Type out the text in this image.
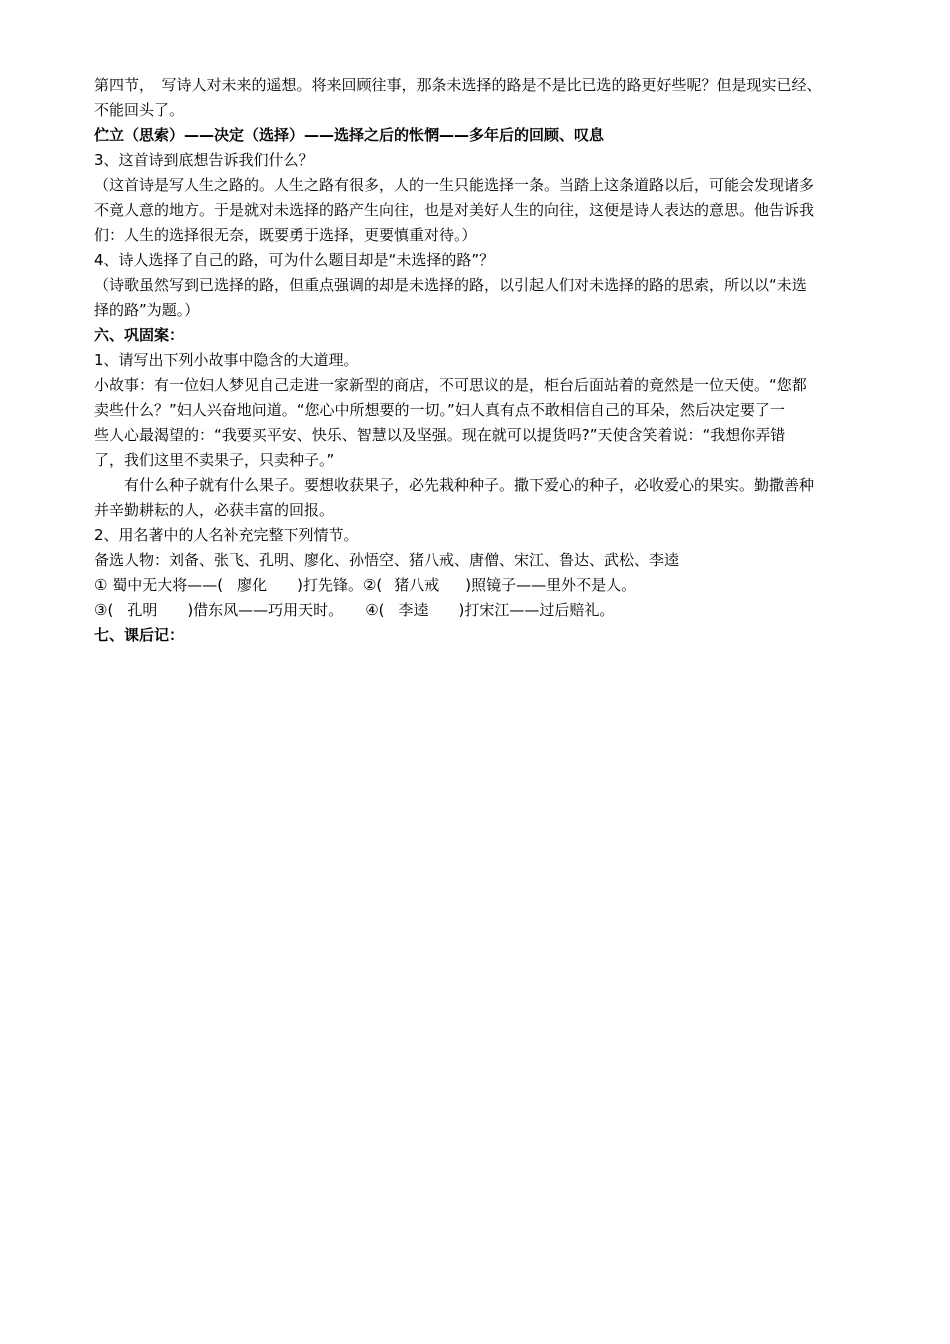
第四节，　写诗人对未来的遥想。将来回顾往事，那条未选择的路是不是比已选的路更好些呢？但是现实已经、
不能回头了。
伫立（思索）——决定（选择）——选择之后的怅惘——多年后的回顾、叹息
3、这首诗到底想告诉我们什么？
（这首诗是写人生之路的。人生之路有很多，人的一生只能选择一条。当踏上这条道路以后，可能会发现诸多
不竟人意的地方。于是就对未选择的路产生向往，也是对美好人生的向往，这便是诗人表达的意思。他告诉我
们：人生的选择很无奈，既要勇于选择，更要慎重对待。）
4、诗人选择了自己的路，可为什么题目却是“未选择的路”？
（诗歌虽然写到已选择的路，但重点强调的却是未选择的路，以引起人们对未选择的路的思索，所以以“未选
择的路”为题。）
六、巩固案：
1、请写出下列小故事中隐含的大道理。
小故事：有一位妇人梦见自己走进一家新型的商店，不可思议的是，柜台后面站着的竟然是一位天使。“您都
卖些什么？”妇人兴奋地问道。“您心中所想要的一切。”妇人真有点不敢相信自己的耳朵，然后决定要了一
些人心最渴望的：“我要买平安、快乐、智慧以及坚强。现在就可以提货吗?”天使含笑着说：“我想你弄错
了，我们这里不卖果子，只卖种子。”
有什么种子就有什么果子。要想收获果子，必先栽种种子。撒下爱心的种子，必收爱心的果实。勤撒善种
并辛勤耕耘的人，必获丰富的回报。
2、用名著中的人名补充完整下列情节。
备选人物：刘备、张飞、孔明、廖化、孙悟空、猪八戒、唐僧、宋江、鲁达、武松、李逵
① 蜀中无大将——( 廖化 )打先锋。②( 猪八戒 )照镜子——里外不是人。
③( 孔明 )借东风——巧用天时。 ④( 李逵 )打宋江——过后赔礼。
七、课后记：
